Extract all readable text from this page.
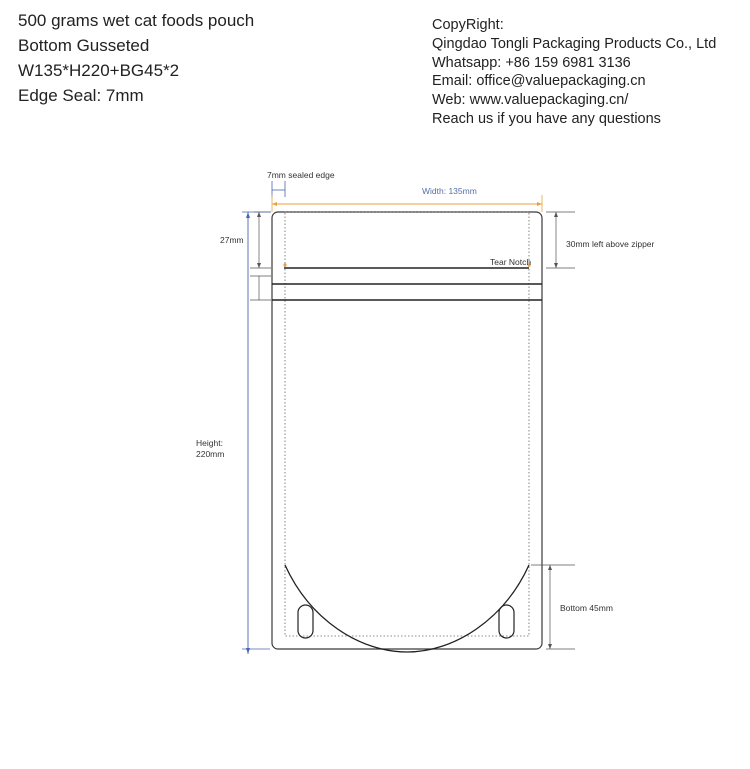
500 grams wet cat foods pouch
Bottom Gusseted
W135*H220+BG45*2
Edge Seal: 7mm
CopyRight:
Qingdao Tongli Packaging Products Co., Ltd
Whatsapp: +86 159 6981 3136
Email: office@valuepackaging.cn
Web: www.valuepackaging.cn/
Reach us if you have any questions
Tear Notch
7mm sealed edge
Width: 135mm
27mm
Height:
220mm
30mm left above zipper
Bottom 45mm
